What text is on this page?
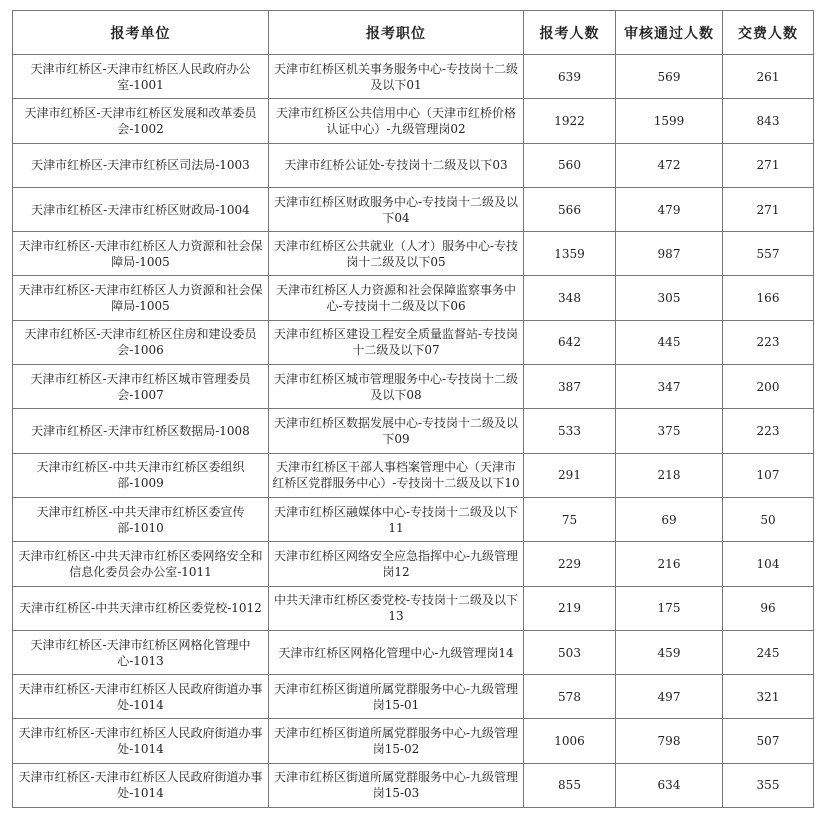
报考单位	报考职位	报考人数	审核通过人数	交费人数

天津市红桥区-天津市红桥区人民政府办公室-1001	天津市红桥区机关事务服务中心-专技岗十二级及以下01	639	569	261

天津市红桥区-天津市红桥区发展和改革委员会-1002	天津市红桥区公共信用中心（天津市红桥价格认证中心）-九级管理岗02	1922	1599	843

天津市红桥区-天津市红桥区司法局-1003	天津市红桥公证处-专技岗十二级及以下03	560	472	271

天津市红桥区-天津市红桥区财政局-1004	天津市红桥区财政服务中心-专技岗十二级及以下04	566	479	271

天津市红桥区-天津市红桥区人力资源和社会保障局-1005	天津市红桥区公共就业（人才）服务中心-专技岗十二级及以下05	1359	987	557

天津市红桥区-天津市红桥区人力资源和社会保障局-1005	天津市红桥区人力资源和社会保障监察事务中心-专技岗十二级及以下06	348	305	166

天津市红桥区-天津市红桥区住房和建设委员会-1006	天津市红桥区建设工程安全质量监督站-专技岗十二级及以下07	642	445	223

天津市红桥区-天津市红桥区城市管理委员会-1007	天津市红桥区城市管理服务中心-专技岗十二级及以下08	387	347	200

天津市红桥区-天津市红桥区数据局-1008	天津市红桥区数据发展中心-专技岗十二级及以下09	533	375	223

天津市红桥区-中共天津市红桥区委组织部-1009	天津市红桥区干部人事档案管理中心（天津市红桥区党群服务中心）-专技岗十二级及以下10	291	218	107

天津市红桥区-中共天津市红桥区委宣传部-1010	天津市红桥区融媒体中心-专技岗十二级及以下11	75	69	50

天津市红桥区-中共天津市红桥区委网络安全和信息化委员会办公室-1011	天津市红桥区网络安全应急指挥中心-九级管理岗12	229	216	104

天津市红桥区-中共天津市红桥区委党校-1012	中共天津市红桥区委党校-专技岗十二级及以下13	219	175	96

天津市红桥区-天津市红桥区网格化管理中心-1013	天津市红桥区网格化管理中心-九级管理岗14	503	459	245

天津市红桥区-天津市红桥区人民政府街道办事处-1014	天津市红桥区街道所属党群服务中心-九级管理岗15-01	578	497	321

天津市红桥区-天津市红桥区人民政府街道办事处-1014	天津市红桥区街道所属党群服务中心-九级管理岗15-02	1006	798	507

天津市红桥区-天津市红桥区人民政府街道办事处-1014	天津市红桥区街道所属党群服务中心-九级管理岗15-03	855	634	355
